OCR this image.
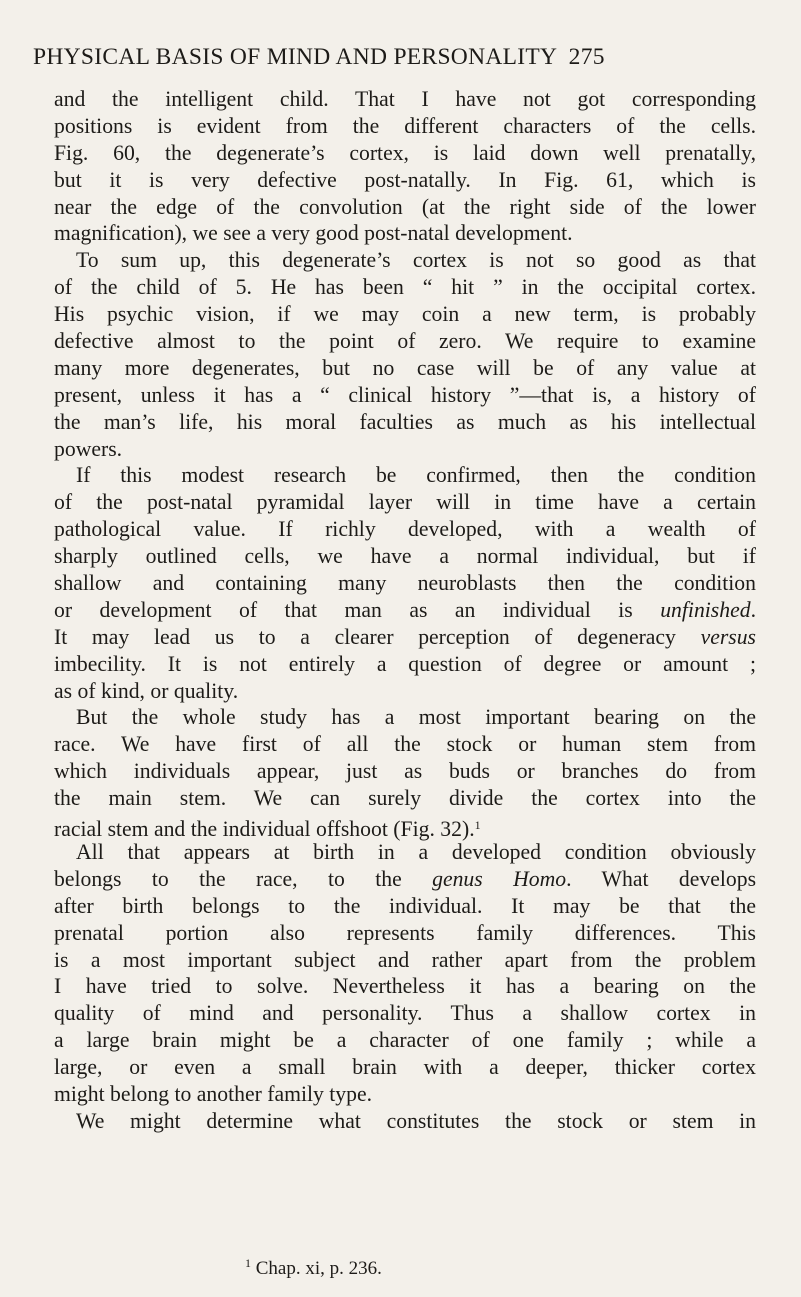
PHYSICAL BASIS OF MIND AND PERSONALITY 275
and the intelligent child. That I have not got corresponding
positions is evident from the different characters of the cells.
Fig. 60, the degenerate’s cortex, is laid down well prenatally,
but it is very defective post-natally. In Fig. 61, which is
near the edge of the convolution (at the right side of the lower
magnification), we see a very good post-natal development.
To sum up, this degenerate’s cortex is not so good as that
of the child of 5. He has been “ hit ” in the occipital cortex.
His psychic vision, if we may coin a new term, is probably
defective almost to the point of zero. We require to examine
many more degenerates, but no case will be of any value at
present, unless it has a “ clinical history ”—that is, a history of
the man’s life, his moral faculties as much as his intellectual
powers.
If this modest research be confirmed, then the condition
of the post-natal pyramidal layer will in time have a certain
pathological value. If richly developed, with a wealth of
sharply outlined cells, we have a normal individual, but if
shallow and containing many neuroblasts then the condition
or development of that man as an individual is unfinished.
It may lead us to a clearer perception of degeneracy versus
imbecility. It is not entirely a question of degree or amount ;
as of kind, or quality.
But the whole study has a most important bearing on the
race. We have first of all the stock or human stem from
which individuals appear, just as buds or branches do from
the main stem. We can surely divide the cortex into the
racial stem and the individual offshoot (Fig. 32).$^1$
All that appears at birth in a developed condition obviously
belongs to the race, to the genus Homo. What develops
after birth belongs to the individual. It may be that the
prenatal portion also represents family differences. This
is a most important subject and rather apart from the problem
I have tried to solve. Nevertheless it has a bearing on the
quality of mind and personality. Thus a shallow cortex in
a large brain might be a character of one family ; while a
large, or even a small brain with a deeper, thicker cortex
might belong to another family type.
We might determine what constitutes the stock or stem in
$^1$ Chap. xi, p. 236.
